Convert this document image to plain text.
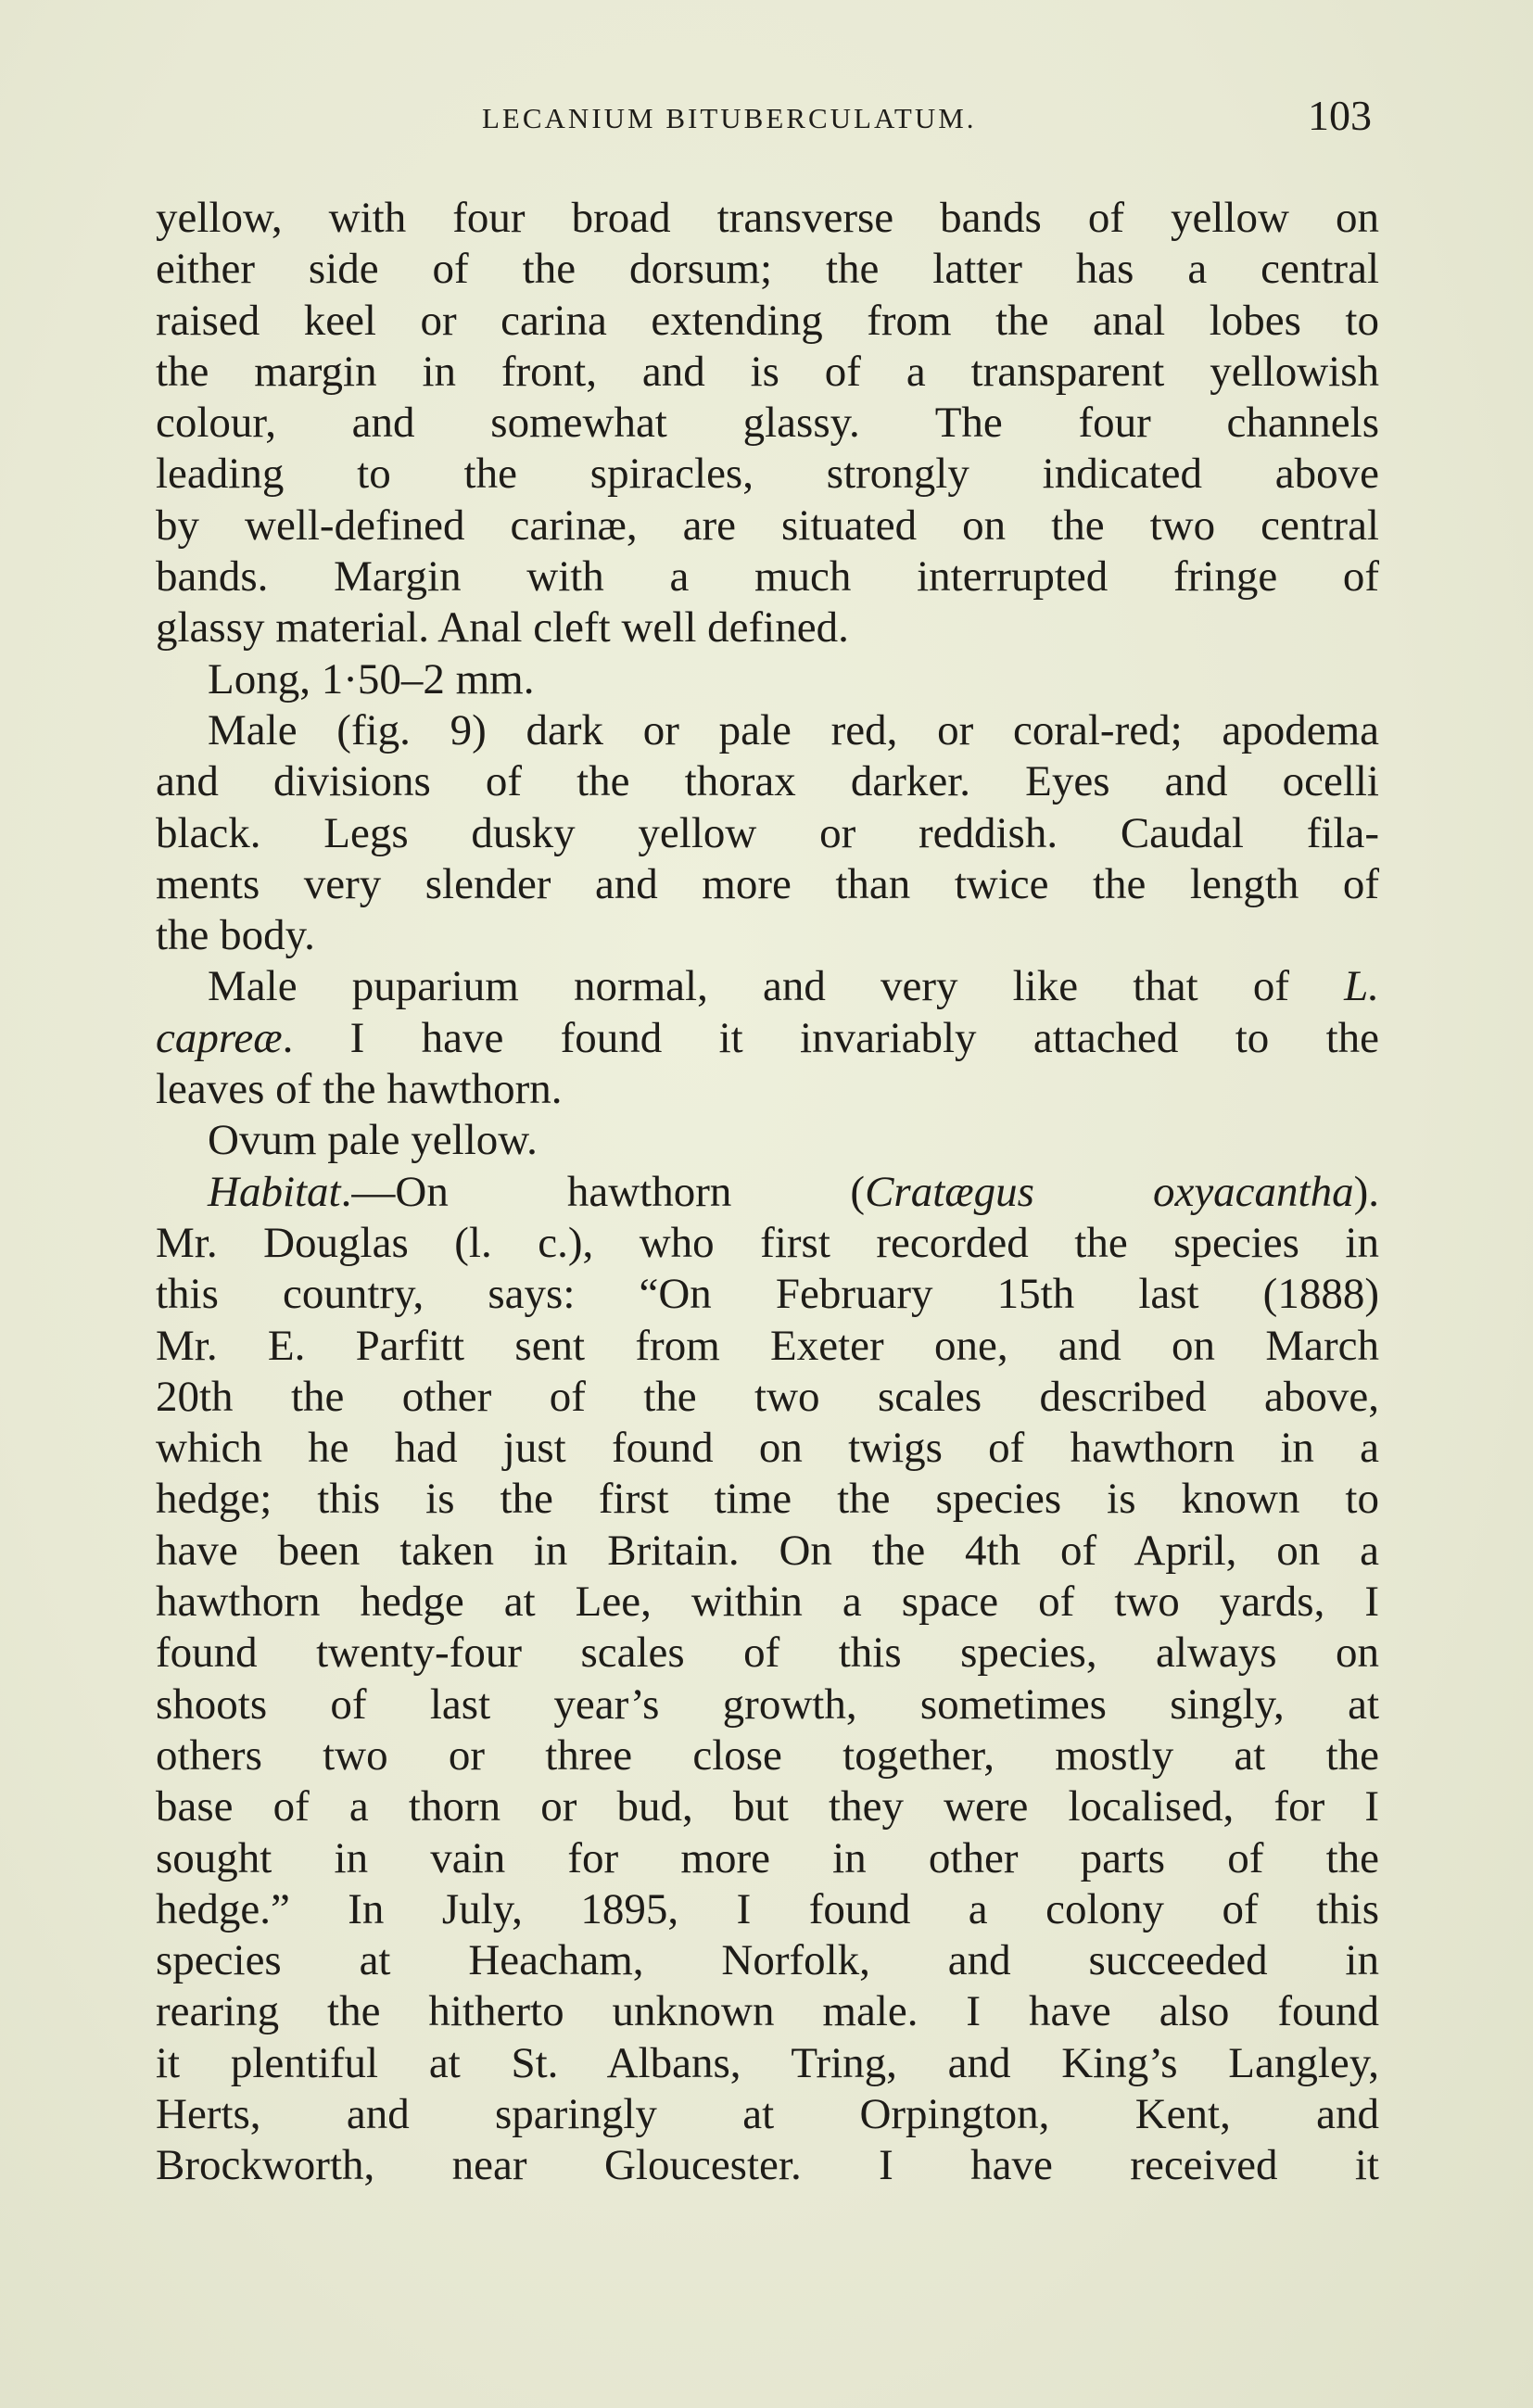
LECANIUM BITUBERCULATUM.	103
yellow, with four broad transverse bands of yellow on
either side of the dorsum; the latter has a central
raised keel or carina extending from the anal lobes to
the margin in front, and is of a transparent yellowish
colour, and somewhat glassy. The four channels
leading to the spiracles, strongly indicated above
by well-defined carinæ, are situated on the two central
bands. Margin with a much interrupted fringe of
glassy material. Anal cleft well defined.
Long, 1·50–2 mm.
Male (fig. 9) dark or pale red, or coral-red; apodema
and divisions of the thorax darker. Eyes and ocelli
black. Legs dusky yellow or reddish. Caudal fila-
ments very slender and more than twice the length of
the body.
Male puparium normal, and very like that of L.
capreæ. I have found it invariably attached to the
leaves of the hawthorn.
Ovum pale yellow.
Habitat.—On hawthorn (Cratægus oxyacantha).
Mr. Douglas (l. c.), who first recorded the species in
this country, says: “On February 15th last (1888)
Mr. E. Parfitt sent from Exeter one, and on March
20th the other of the two scales described above,
which he had just found on twigs of hawthorn in a
hedge; this is the first time the species is known to
have been taken in Britain. On the 4th of April, on a
hawthorn hedge at Lee, within a space of two yards, I
found twenty-four scales of this species, always on
shoots of last year’s growth, sometimes singly, at
others two or three close together, mostly at the
base of a thorn or bud, but they were localised, for I
sought in vain for more in other parts of the
hedge.” In July, 1895, I found a colony of this
species at Heacham, Norfolk, and succeeded in
rearing the hitherto unknown male. I have also found
it plentiful at St. Albans, Tring, and King’s Langley,
Herts, and sparingly at Orpington, Kent, and
Brockworth, near Gloucester. I have received it
